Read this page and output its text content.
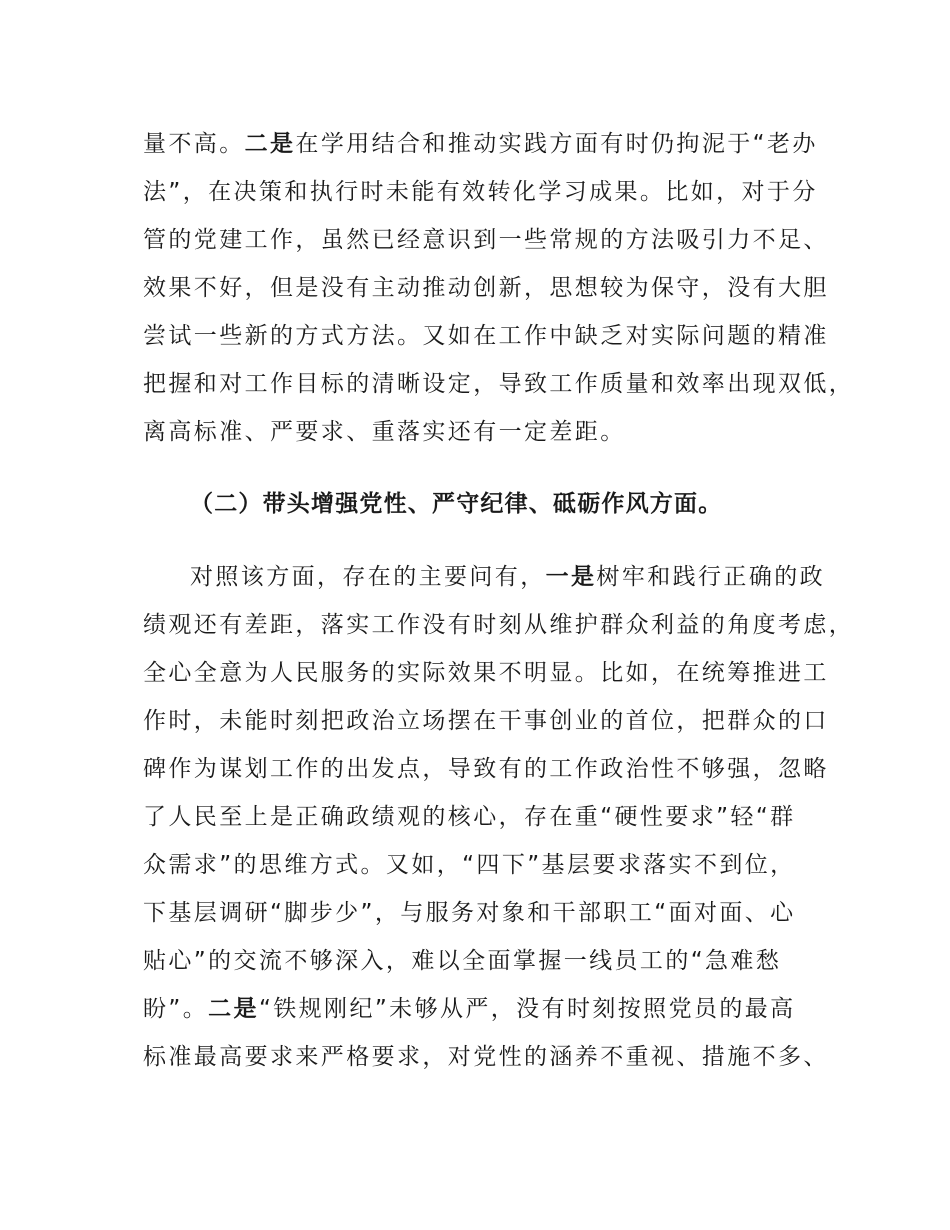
量不高。二是在学用结合和推动实践方面有时仍拘泥于“老办
法”，在决策和执行时未能有效转化学习成果。比如，对于分
管的党建工作，虽然已经意识到一些常规的方法吸引力不足、
效果不好，但是没有主动推动创新，思想较为保守，没有大胆
尝试一些新的方式方法。又如在工作中缺乏对实际问题的精准
把握和对工作目标的清晰设定，导致工作质量和效率出现双低，
离高标准、严要求、重落实还有一定差距。
（二）带头增强党性、严守纪律、砥砺作风方面。
对照该方面，存在的主要问有，一是树牢和践行正确的政
绩观还有差距，落实工作没有时刻从维护群众利益的角度考虑，
全心全意为人民服务的实际效果不明显。比如，在统筹推进工
作时，未能时刻把政治立场摆在干事创业的首位，把群众的口
碑作为谋划工作的出发点，导致有的工作政治性不够强，忽略
了人民至上是正确政绩观的核心，存在重“硬性要求”轻“群
众需求”的思维方式。又如，“四下”基层要求落实不到位，
下基层调研“脚步少”，与服务对象和干部职工“面对面、心
贴心”的交流不够深入，难以全面掌握一线员工的“急难愁
盼”。二是“铁规刚纪”未够从严，没有时刻按照党员的最高
标准最高要求来严格要求，对党性的涵养不重视、措施不多、
